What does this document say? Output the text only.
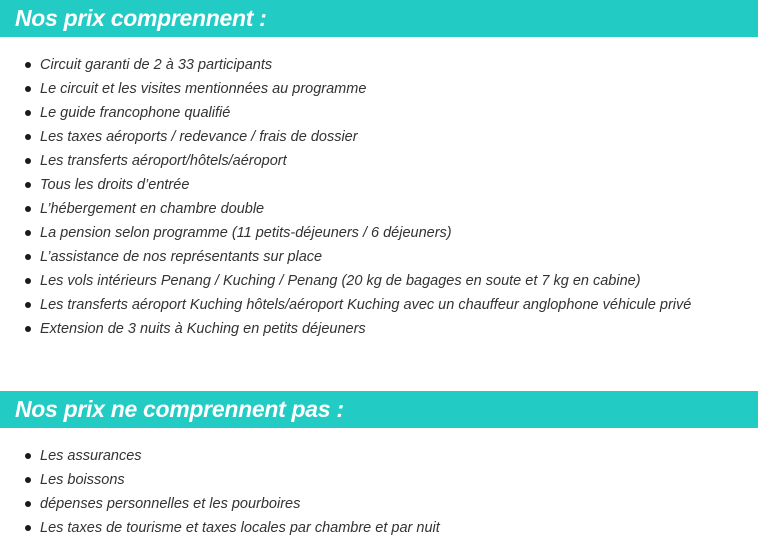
Nos prix comprennent :
Circuit garanti de 2 à 33 participants
Le circuit et les visites mentionnées au programme
Le guide francophone qualifié
Les taxes aéroports / redevance / frais de dossier
Les transferts aéroport/hôtels/aéroport
Tous les droits d’entrée
L’hébergement en chambre double
La pension selon programme (11 petits-déjeuners / 6 déjeuners)
L’assistance de nos représentants sur place
Les vols intérieurs Penang / Kuching / Penang (20 kg de bagages en soute et 7 kg en cabine)
Les transferts aéroport Kuching hôtels/aéroport Kuching avec un chauffeur anglophone véhicule privé
Extension de 3 nuits à Kuching en petits déjeuners
Nos prix ne comprennent pas :
Les assurances
Les boissons
dépenses personnelles et les pourboires
Les taxes de tourisme et taxes locales par chambre et par nuit
